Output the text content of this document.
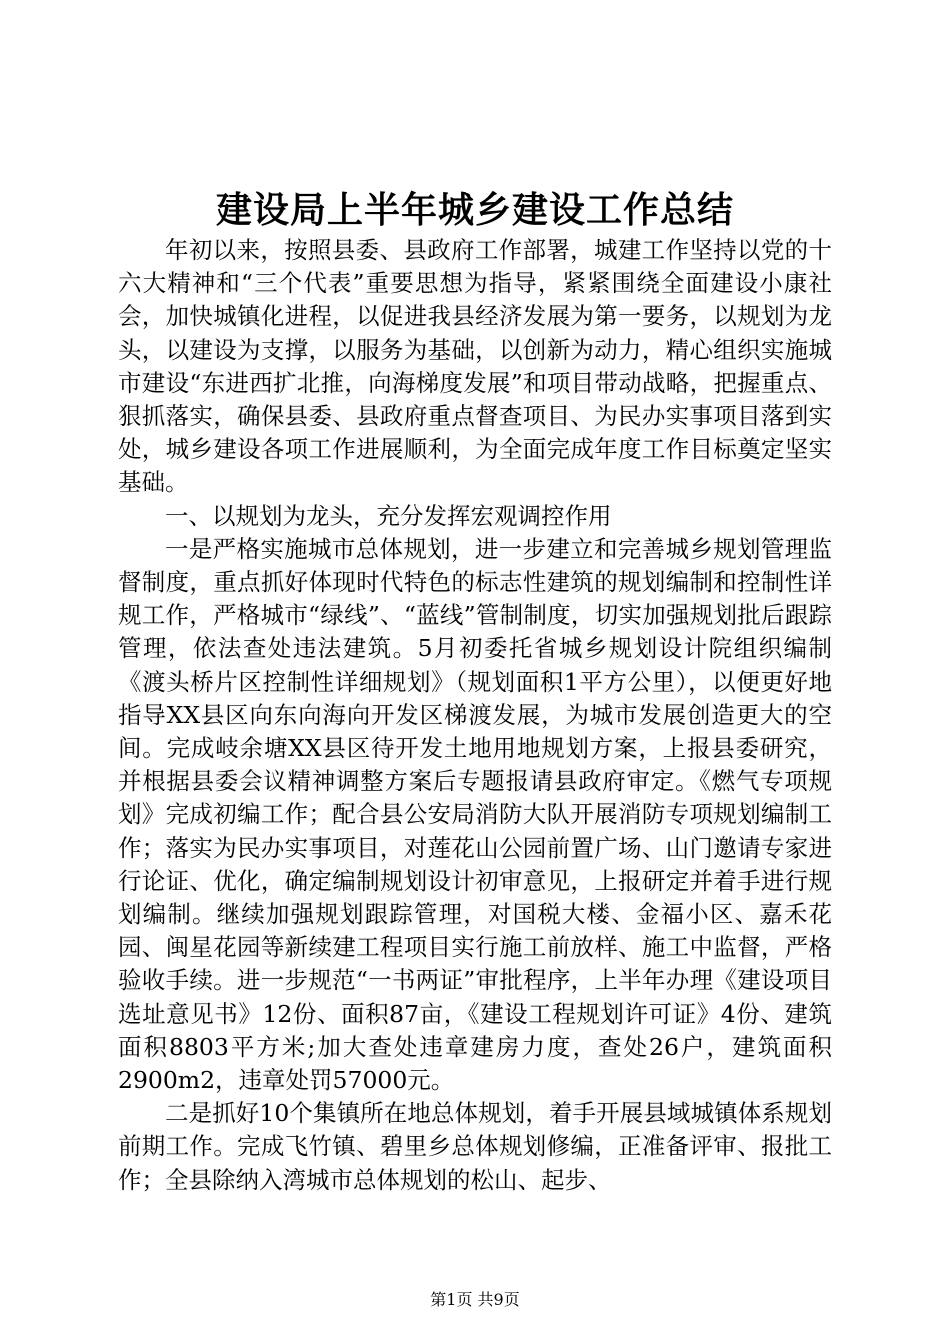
建设局上半年城乡建设工作总结

年初以来，按照县委、县政府工作部署，城建工作坚持以党的十六大精神和“三个代表”重要思想为指导，紧紧围绕全面建设小康社会，加快城镇化进程，以促进我县经济发展为第一要务，以规划为龙头，以建设为支撑，以服务为基础，以创新为动力，精心组织实施城市建设“东进西扩北推，向海梯度发展”和项目带动战略，把握重点、狠抓落实，确保县委、县政府重点督查项目、为民办实事项目落到实处，城乡建设各项工作进展顺利，为全面完成年度工作目标奠定坚实基础。

一、以规划为龙头，充分发挥宏观调控作用

一是严格实施城市总体规划，进一步建立和完善城乡规划管理监督制度，重点抓好体现时代特色的标志性建筑的规划编制和控制性详规工作，严格城市“绿线”、“蓝线”管制制度，切实加强规划批后跟踪管理，依法查处违法建筑。5月初委托省城乡规划设计院组织编制《渡头桥片区控制性详细规划》（规划面积1平方公里），以便更好地指导XX县区向东向海向开发区梯渡发展，为城市发展创造更大的空间。完成岐余塘XX县区待开发土地用地规划方案，上报县委研究，并根据县委会议精神调整方案后专题报请县政府审定。《燃气专项规划》完成初编工作；配合县公安局消防大队开展消防专项规划编制工作；落实为民办实事项目，对莲花山公园前置广场、山门邀请专家进行论证、优化，确定编制规划设计初审意见，上报研定并着手进行规划编制。继续加强规划跟踪管理，对国税大楼、金福小区、嘉禾花园、闽星花园等新续建工程项目实行施工前放样、施工中监督，严格验收手续。进一步规范“一书两证”审批程序，上半年办理《建设项目选址意见书》12份、面积87亩，《建设工程规划许可证》4份、建筑面积8803平方米;加大查处违章建房力度，查处26户，建筑面积2900m2，违章处罚57000元。

二是抓好10个集镇所在地总体规划，着手开展县域城镇体系规划前期工作。完成飞竹镇、碧里乡总体规划修编，正准备评审、报批工作；全县除纳入湾城市总体规划的松山、起步、

第1页 共9页
